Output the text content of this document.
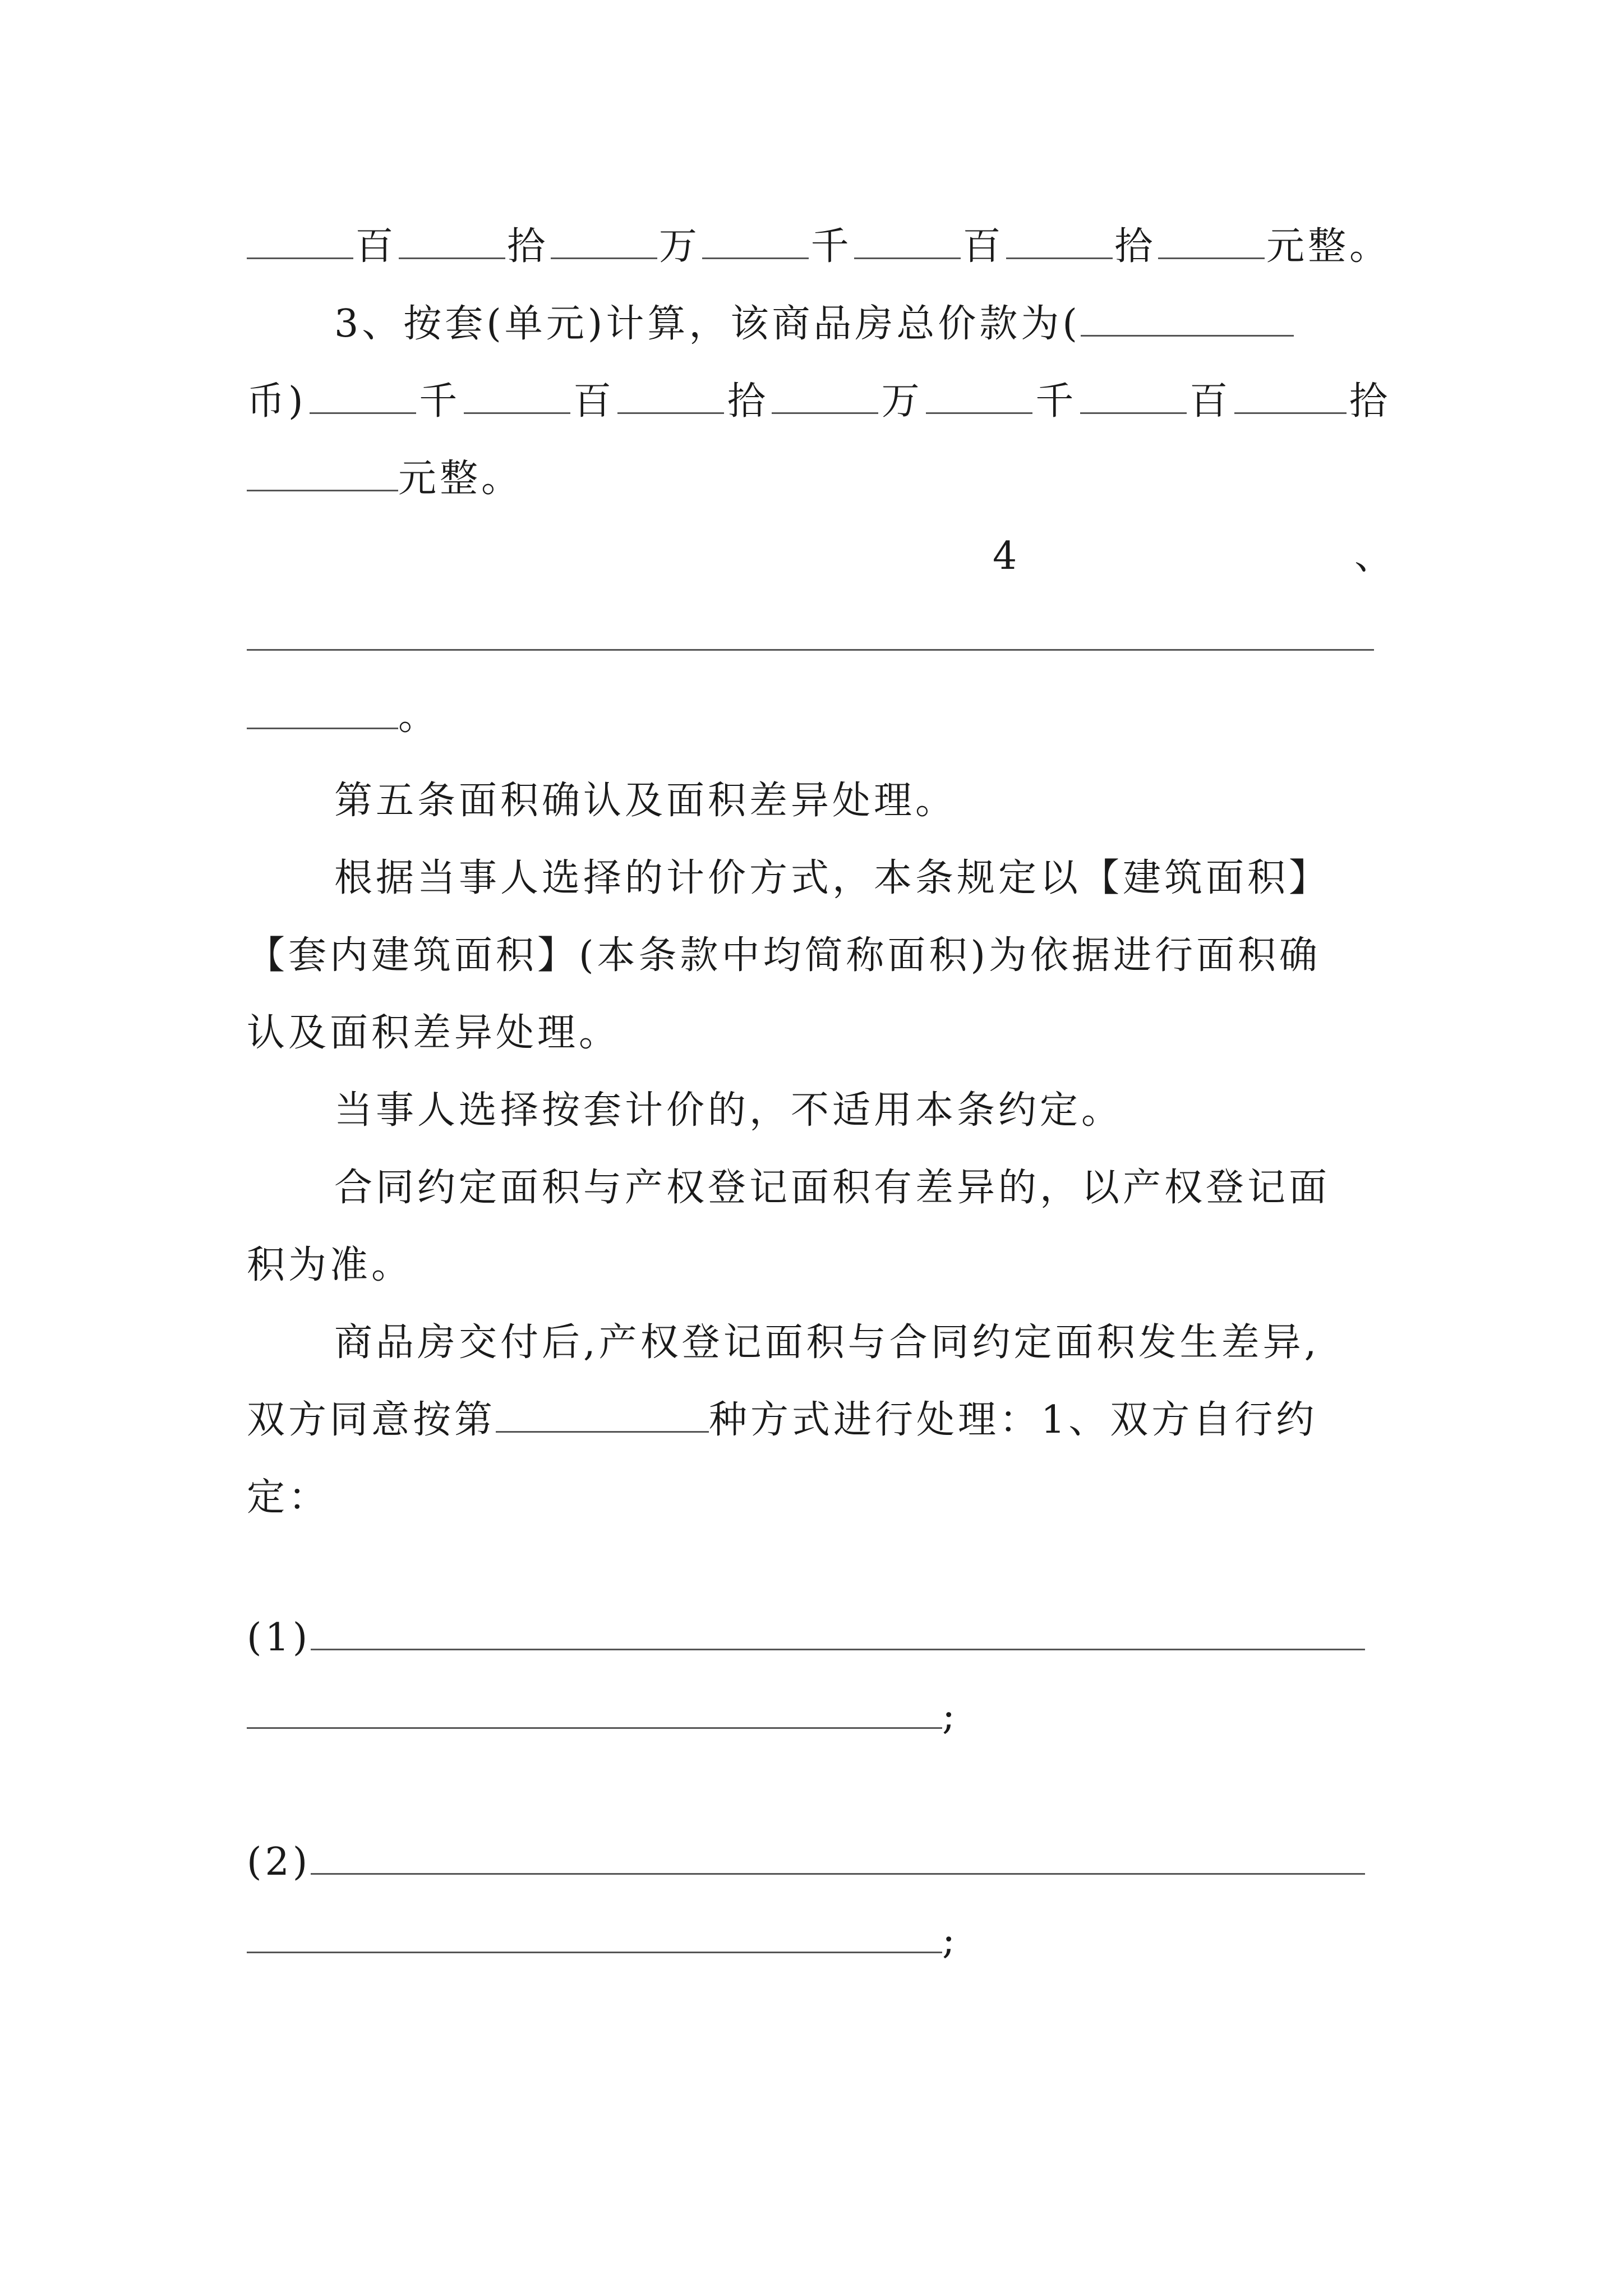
百	拾	万	千	百	拾	元整。
3、按套(单元)计算，该商品房总价款为(
币)	千	百	拾	万	千	百	拾
元整。
4	、
。
第五条面积确认及面积差异处理。
根据当事人选择的计价方式，本条规定以【建筑面积】
【套内建筑面积】(本条款中均简称面积)为依据进行面积确
认及面积差异处理。
当事人选择按套计价的，不适用本条约定。
合同约定面积与产权登记面积有差异的，以产权登记面
积为准。
商品房交付后,产权登记面积与合同约定面积发生差异,
双方同意按第	种方式进行处理：1、双方自行约
定：
(1)
;
(2)
;
